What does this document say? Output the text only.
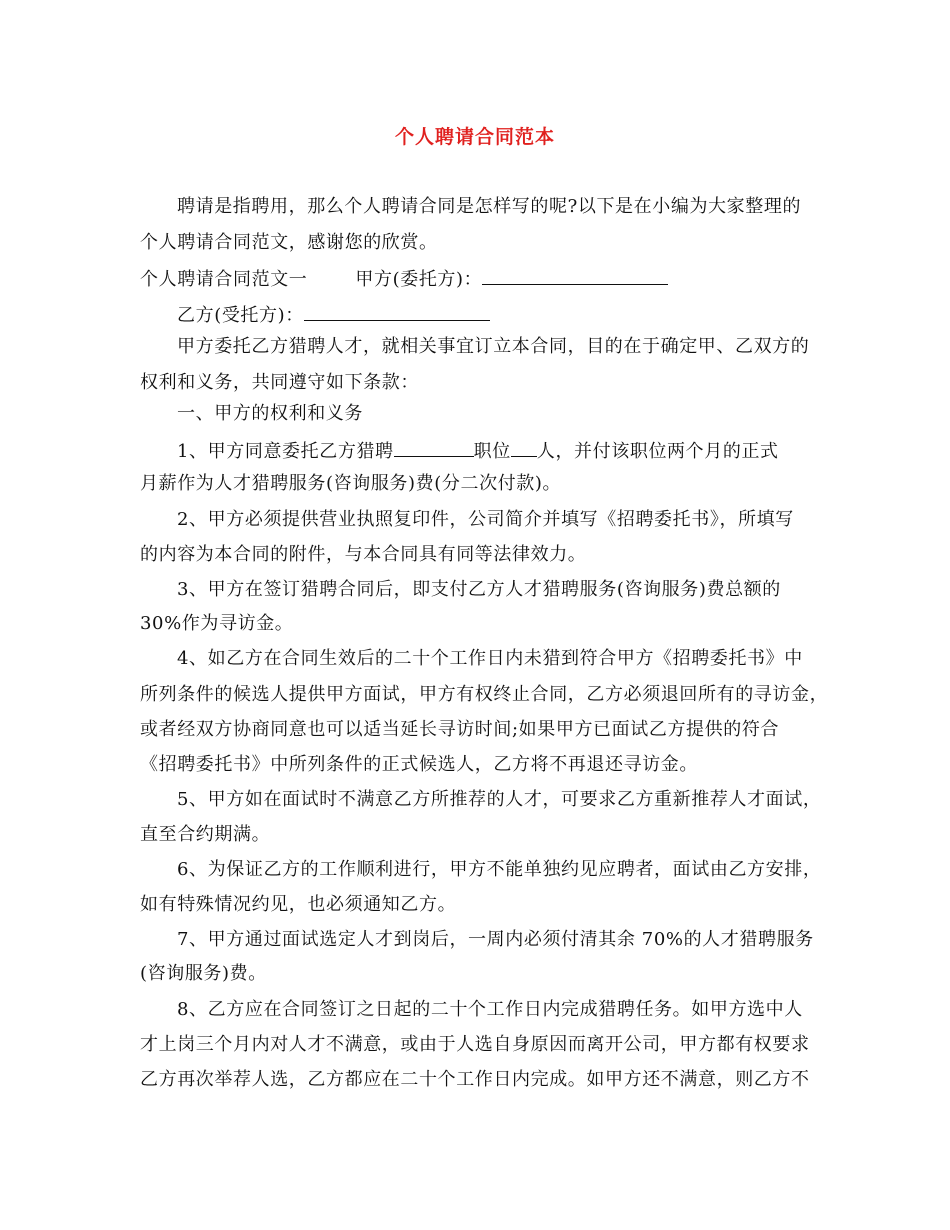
个人聘请合同范本
聘请是指聘用，那么个人聘请合同是怎样写的呢?以下是在小编为大家整理的
个人聘请合同范文，感谢您的欣赏。
个人聘请合同范文一	甲方(委托方)：
乙方(受托方)：
甲方委托乙方猎聘人才，就相关事宜订立本合同，目的在于确定甲、乙双方的
权利和义务，共同遵守如下条款：
一、甲方的权利和义务
1、甲方同意委托乙方猎聘	职位 人，并付该职位两个月的正式
月薪作为人才猎聘服务(咨询服务)费(分二次付款)。
2、甲方必须提供营业执照复印件，公司简介并填写《招聘委托书》，所填写
的内容为本合同的附件，与本合同具有同等法律效力。
3、甲方在签订猎聘合同后，即支付乙方人才猎聘服务(咨询服务)费总额的
30%作为寻访金。
4、如乙方在合同生效后的二十个工作日内未猎到符合甲方《招聘委托书》中
所列条件的候选人提供甲方面试，甲方有权终止合同，乙方必须退回所有的寻访金，
或者经双方协商同意也可以适当延长寻访时间;如果甲方已面试乙方提供的符合
《招聘委托书》中所列条件的正式候选人，乙方将不再退还寻访金。
5、甲方如在面试时不满意乙方所推荐的人才，可要求乙方重新推荐人才面试，
直至合约期满。
6、为保证乙方的工作顺利进行，甲方不能单独约见应聘者，面试由乙方安排，
如有特殊情况约见，也必须通知乙方。
7、甲方通过面试选定人才到岗后，一周内必须付清其余 70%的人才猎聘服务
(咨询服务)费。
8、乙方应在合同签订之日起的二十个工作日内完成猎聘任务。如甲方选中人
才上岗三个月内对人才不满意，或由于人选自身原因而离开公司，甲方都有权要求
乙方再次举荐人选，乙方都应在二十个工作日内完成。如甲方还不满意，则乙方不
